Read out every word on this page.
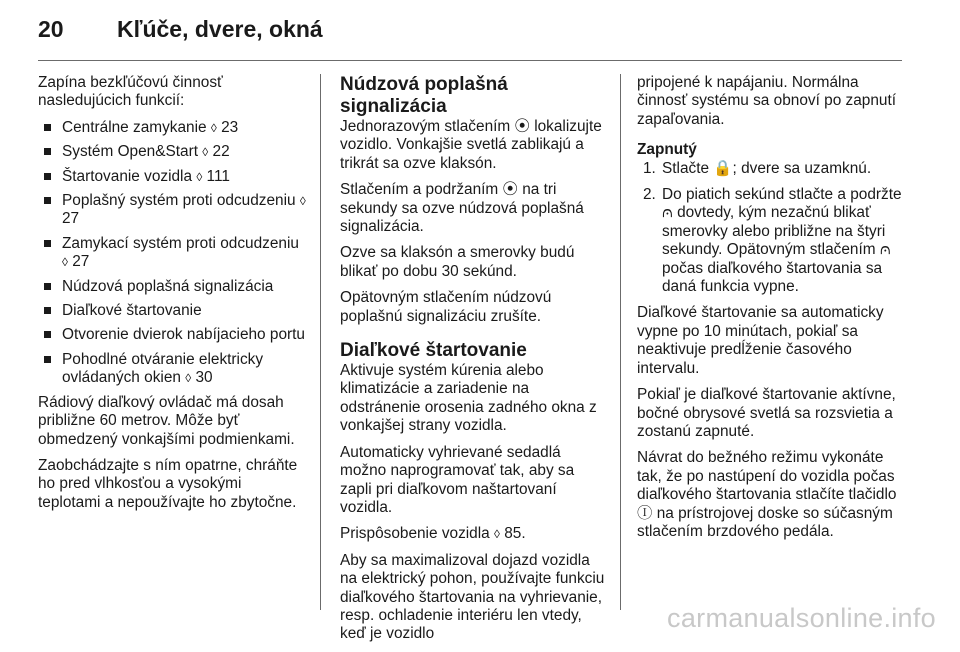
20 Kľúče, dvere, okná

Zapína bezkľúčovú činnosť nasledujúcich funkcií:

Centrálne zamykanie ◊ 23
Systém Open&Start ◊ 22
Štartovanie vozidla ◊ 111
Poplašný systém proti odcudzeniu ◊ 27
Zamykací systém proti odcudzeniu ◊ 27
Núdzová poplašná signalizácia
Diaľkové štartovanie
Otvorenie dvierok nabíjacieho portu
Pohodlné otváranie elektricky ovládaných okien ◊ 30

Rádiový diaľkový ovládač má dosah približne 60 metrov. Môže byť obmedzený vonkajšími podmienkami.

Zaobchádzajte s ním opatrne, chráňte ho pred vlhkosťou a vysokými teplotami a nepoužívajte ho zbytočne.

Núdzová poplašná signalizácia

Jednorazovým stlačením ⦿ lokalizujte vozidlo. Vonkajšie svetlá zablikajú a trikrát sa ozve klaksón.

Stlačením a podržaním ⦿ na tri sekundy sa ozve núdzová poplašná signalizácia.

Ozve sa klaksón a smerovky budú blikať po dobu 30 sekúnd.

Opätovným stlačením núdzovú poplašnú signalizáciu zrušíte.

Diaľkové štartovanie

Aktivuje systém kúrenia alebo klimatizácie a zariadenie na odstránenie orosenia zadného okna z vonkajšej strany vozidla.

Automaticky vyhrievané sedadlá možno naprogramovať tak, aby sa zapli pri diaľkovom naštartovaní vozidla.

Prispôsobenie vozidla ◊ 85.

Aby sa maximalizoval dojazd vozidla na elektrický pohon, používajte funkciu diaľkového štartovania na vyhrievanie, resp. ochladenie interiéru len vtedy, keď je vozidlo

pripojené k napájaniu. Normálna činnosť systému sa obnoví po zapnutí zapaľovania.

Zapnutý
1. Stlačte 🔒; dvere sa uzamknú.
2. Do piatich sekúnd stlačte a podržte ⩀ dovtedy, kým nezačnú blikať smerovky alebo približne na štyri sekundy. Opätovným stlačením ⩀ počas diaľkového štartovania sa daná funkcia vypne.

Diaľkové štartovanie sa automaticky vypne po 10 minútach, pokiaľ sa neaktivuje predĺženie časového intervalu.

Pokiaľ je diaľkové štartovanie aktívne, bočné obrysové svetlá sa rozsvietia a zostanú zapnuté.

Návrat do bežného režimu vykonáte tak, že po nastúpení do vozidla počas diaľkového štartovania stlačíte tlačidlo Ⓘ na prístrojovej doske so súčasným stlačením brzdového pedála.

carmanualsonline.info
